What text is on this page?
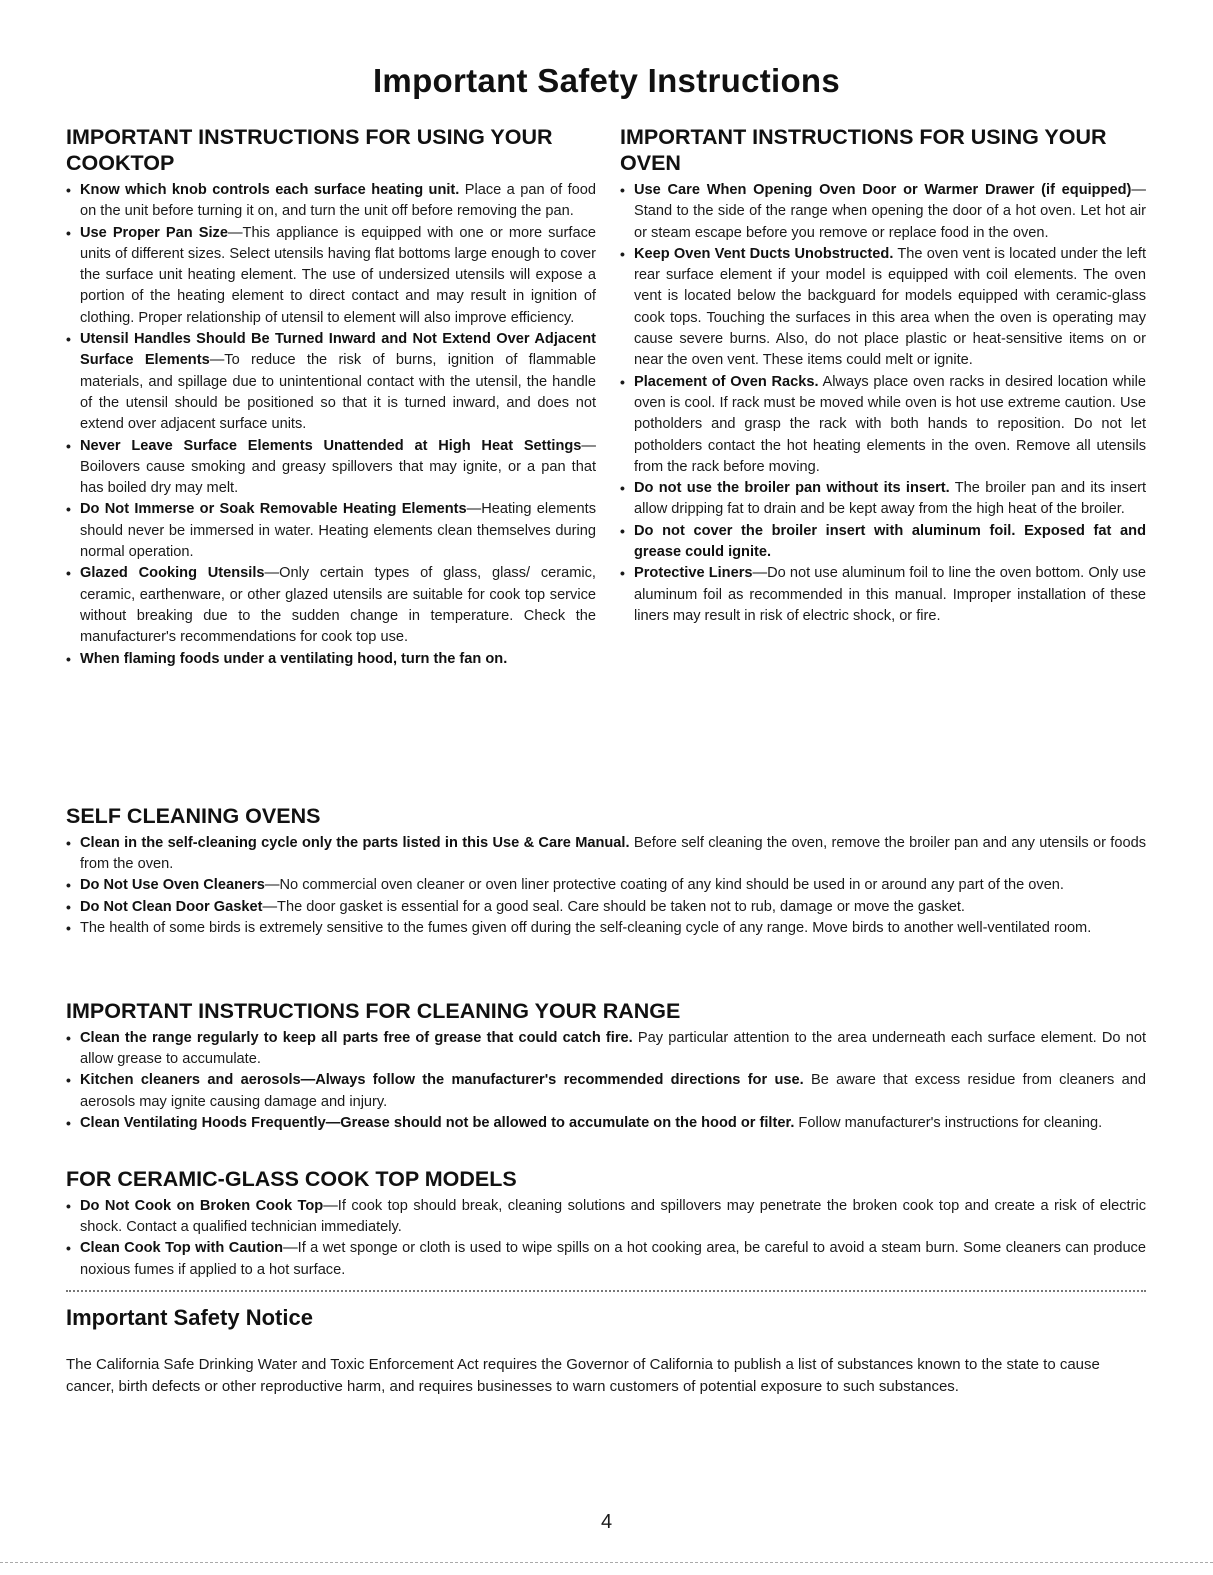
Important Safety Instructions
IMPORTANT INSTRUCTIONS FOR USING YOUR COOKTOP
• Know which knob controls each surface heating unit. Place a pan of food on the unit before turning it on, and turn the unit off before removing the pan.
• Use Proper Pan Size—This appliance is equipped with one or more surface units of different sizes. Select utensils having flat bottoms large enough to cover the surface unit heating element. The use of undersized utensils will expose a portion of the heating element to direct contact and may result in ignition of clothing. Proper relationship of utensil to element will also improve efficiency.
• Utensil Handles Should Be Turned Inward and Not Extend Over Adjacent Surface Elements—To reduce the risk of burns, ignition of flammable materials, and spillage due to unintentional contact with the utensil, the handle of the utensil should be positioned so that it is turned inward, and does not extend over adjacent surface units.
• Never Leave Surface Elements Unattended at High Heat Settings—Boilovers cause smoking and greasy spillovers that may ignite, or a pan that has boiled dry may melt.
• Do Not Immerse or Soak Removable Heating Elements—Heating elements should never be immersed in water. Heating elements clean themselves during normal operation.
• Glazed Cooking Utensils—Only certain types of glass, glass/ ceramic, ceramic, earthenware, or other glazed utensils are suitable for cook top service without breaking due to the sudden change in temperature. Check the manufacturer's recommendations for cook top use.
• When flaming foods under a ventilating hood, turn the fan on.
IMPORTANT INSTRUCTIONS FOR USING YOUR OVEN
• Use Care When Opening Oven Door or Warmer Drawer (if equipped)—Stand to the side of the range when opening the door of a hot oven. Let hot air or steam escape before you remove or replace food in the oven.
• Keep Oven Vent Ducts Unobstructed. The oven vent is located under the left rear surface element if your model is equipped with coil elements. The oven vent is located below the backguard for models equipped with ceramic-glass cook tops. Touching the surfaces in this area when the oven is operating may cause severe burns. Also, do not place plastic or heat-sensitive items on or near the oven vent. These items could melt or ignite.
• Placement of Oven Racks. Always place oven racks in desired location while oven is cool. If rack must be moved while oven is hot use extreme caution. Use potholders and grasp the rack with both hands to reposition. Do not let potholders contact the hot heating elements in the oven. Remove all utensils from the rack before moving.
• Do not use the broiler pan without its insert. The broiler pan and its insert allow dripping fat to drain and be kept away from the high heat of the broiler.
• Do not cover the broiler insert with aluminum foil. Exposed fat and grease could ignite.
• Protective Liners—Do not use aluminum foil to line the oven bottom. Only use aluminum foil as recommended in this manual. Improper installation of these liners may result in risk of electric shock, or fire.
SELF CLEANING OVENS
• Clean in the self-cleaning cycle only the parts listed in this Use & Care Manual. Before self cleaning the oven, remove the broiler pan and any utensils or foods from the oven.
• Do Not Use Oven Cleaners—No commercial oven cleaner or oven liner protective coating of any kind should be used in or around any part of the oven.
• Do Not Clean Door Gasket—The door gasket is essential for a good seal. Care should be taken not to rub, damage or move the gasket.
• The health of some birds is extremely sensitive to the fumes given off during the self-cleaning cycle of any range. Move birds to another well-ventilated room.
IMPORTANT INSTRUCTIONS FOR CLEANING YOUR RANGE
• Clean the range regularly to keep all parts free of grease that could catch fire. Pay particular attention to the area underneath each surface element. Do not allow grease to accumulate.
• Kitchen cleaners and aerosols—Always follow the manufacturer's recommended directions for use. Be aware that excess residue from cleaners and aerosols may ignite causing damage and injury.
• Clean Ventilating Hoods Frequently—Grease should not be allowed to accumulate on the hood or filter. Follow manufacturer's instructions for cleaning.
FOR CERAMIC-GLASS COOK TOP MODELS
• Do Not Cook on Broken Cook Top—If cook top should break, cleaning solutions and spillovers may penetrate the broken cook top and create a risk of electric shock. Contact a qualified technician immediately.
• Clean Cook Top with Caution—If a wet sponge or cloth is used to wipe spills on a hot cooking area, be careful to avoid a steam burn. Some cleaners can produce noxious fumes if applied to a hot surface.
Important Safety Notice
The California Safe Drinking Water and Toxic Enforcement Act requires the Governor of California to publish a list of substances known to the state to cause cancer, birth defects or other reproductive harm, and requires businesses to warn customers of potential exposure to such substances.
4
